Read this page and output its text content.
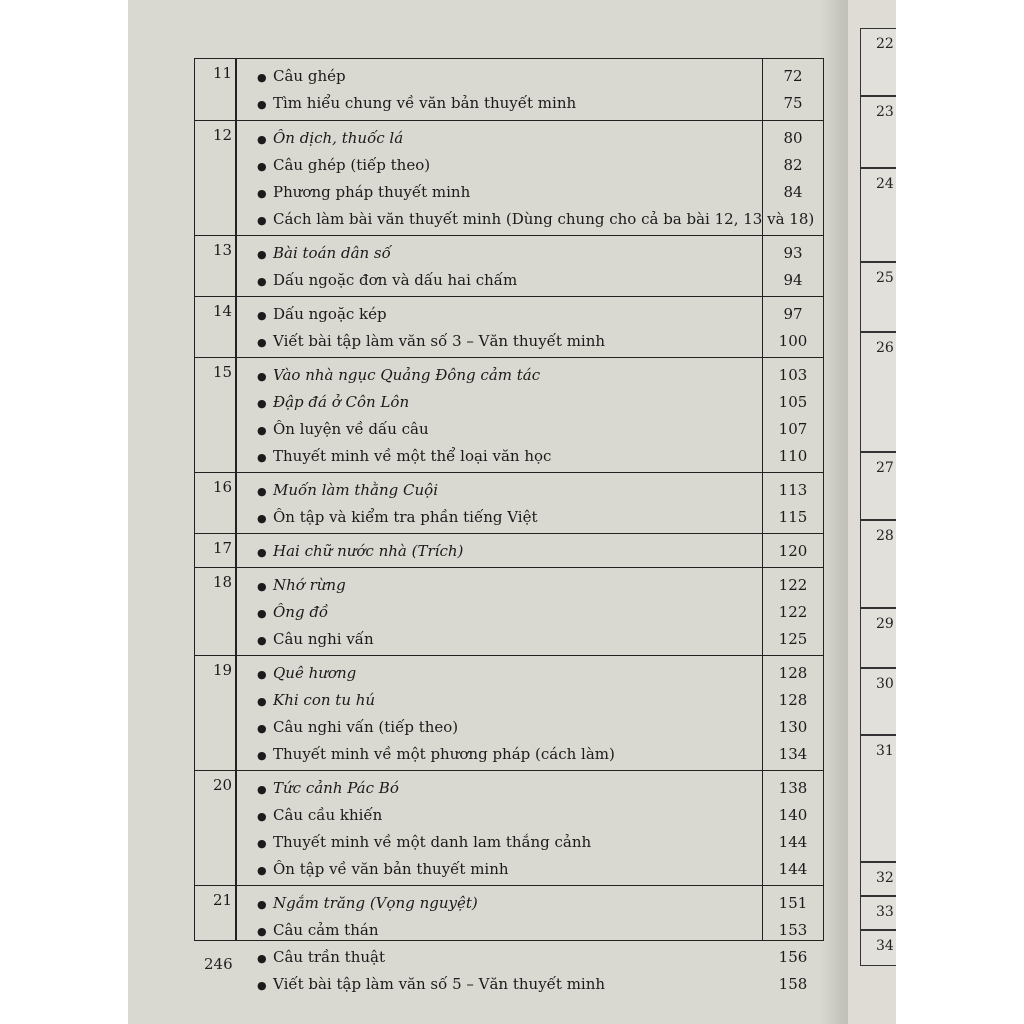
11 ● Câu ghép	72
● Tìm hiểu chung về văn bản thuyết minh	75
12 ● Ôn dịch, thuốc lá	80
● Câu ghép (tiếp theo)	82
● Phương pháp thuyết minh	84
● Cách làm bài văn thuyết minh (Dùng chung cho cả ba bài 12, 13 và 18)
13 ● Bài toán dân số	93
● Dấu ngoặc đơn và dấu hai chấm	94
14 ● Dấu ngoặc kép	97
● Viết bài tập làm văn số 3 – Văn thuyết minh	100
15 ● Vào nhà ngục Quảng Đông cảm tác	103
● Đập đá ở Côn Lôn	105
● Ôn luyện về dấu câu	107
● Thuyết minh về một thể loại văn học	110
16 ● Muốn làm thằng Cuội	113
● Ôn tập và kiểm tra phần tiếng Việt	115
17 ● Hai chữ nước nhà (Trích)	120
18 ● Nhớ rừng	122
● Ông đồ	122
● Câu nghi vấn	125
19 ● Quê hương	128
● Khi con tu hú	128
● Câu nghi vấn (tiếp theo)	130
● Thuyết minh về một phương pháp (cách làm)	134
20 ● Tức cảnh Pác Bó	138
● Câu cầu khiến	140
● Thuyết minh về một danh lam thắng cảnh	144
● Ôn tập về văn bản thuyết minh	144
21 ● Ngắm trăng (Vọng nguyệt)	151
● Câu cảm thán	153
● Câu trần thuật	156
● Viết bài tập làm văn số 5 – Văn thuyết minh	158
246
22
23
24
25
26
27
28
29
30
31
32
33
34
